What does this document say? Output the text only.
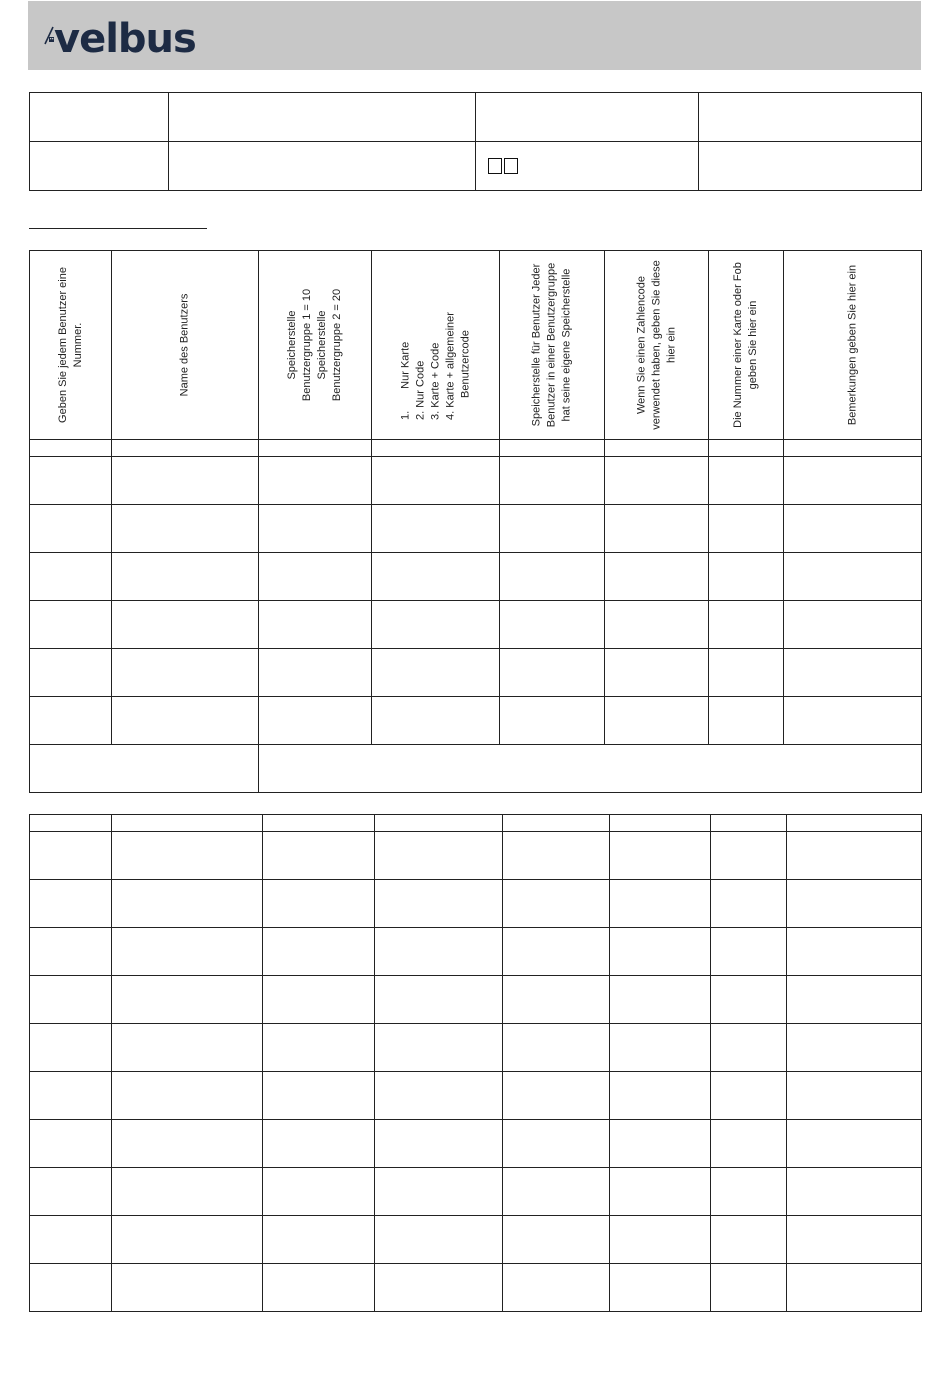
velbus

Geben Sie jedem Benutzer eine Nummer.	Name des Benutzers	Speicherstelle
Benutzergruppe 1 = 10
Speicherstelle
Benutzergruppe 2 = 20	1.  Nur Karte
2. Nur Code
3. Karte + Code
4. Karte + allgemeiner
  Benutzercode	Speicherstelle für Benutzer Jeder Benutzer in einer Benutzergruppe hat seine eigene Speicherstelle	Wenn Sie einen Zahlencode verwendet haben, geben Sie diese hier ein	Die Nummer einer Karte oder Fob geben Sie hier ein	Bemerkungen geben Sie hier ein
